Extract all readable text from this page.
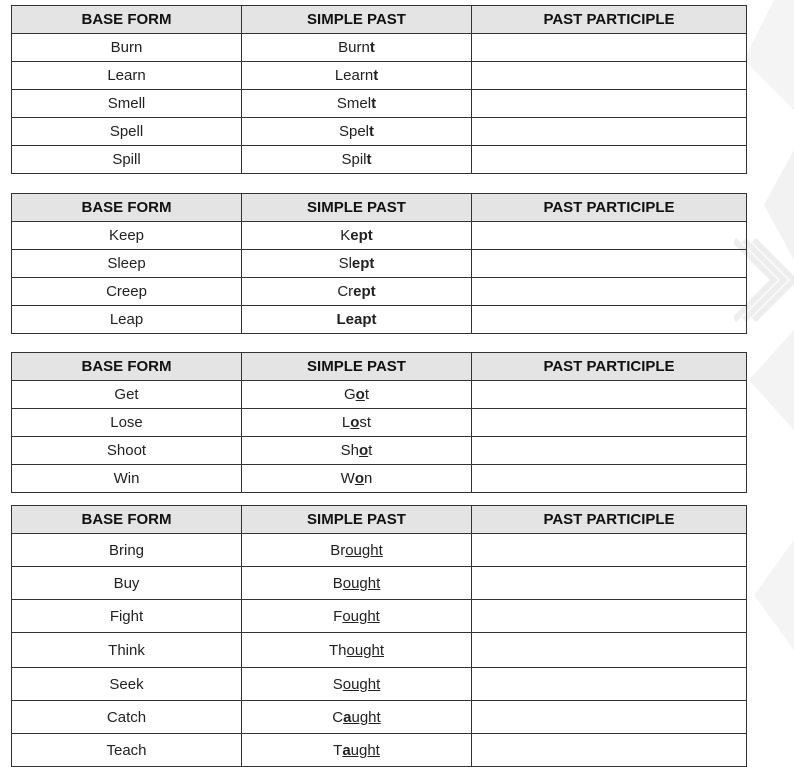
BASE FORM	SIMPLE PAST	PAST PARTICIPLE
Burn	Burnt	
Learn	Learnt	
Smell	Smelt	
Spell	Spelt	
Spill	Spilt	
BASE FORM	SIMPLE PAST	PAST PARTICIPLE
Keep	Kept	
Sleep	Slept	
Creep	Crept	
Leap	Leapt	
BASE FORM	SIMPLE PAST	PAST PARTICIPLE
Get	Got	
Lose	Lost	
Shoot	Shot	
Win	Won	
BASE FORM	SIMPLE PAST	PAST PARTICIPLE
Bring	Brought	
Buy	Bought	
Fight	Fought	
Think	Thought	
Seek	Sought	
Catch	Caught	
Teach	Taught	
